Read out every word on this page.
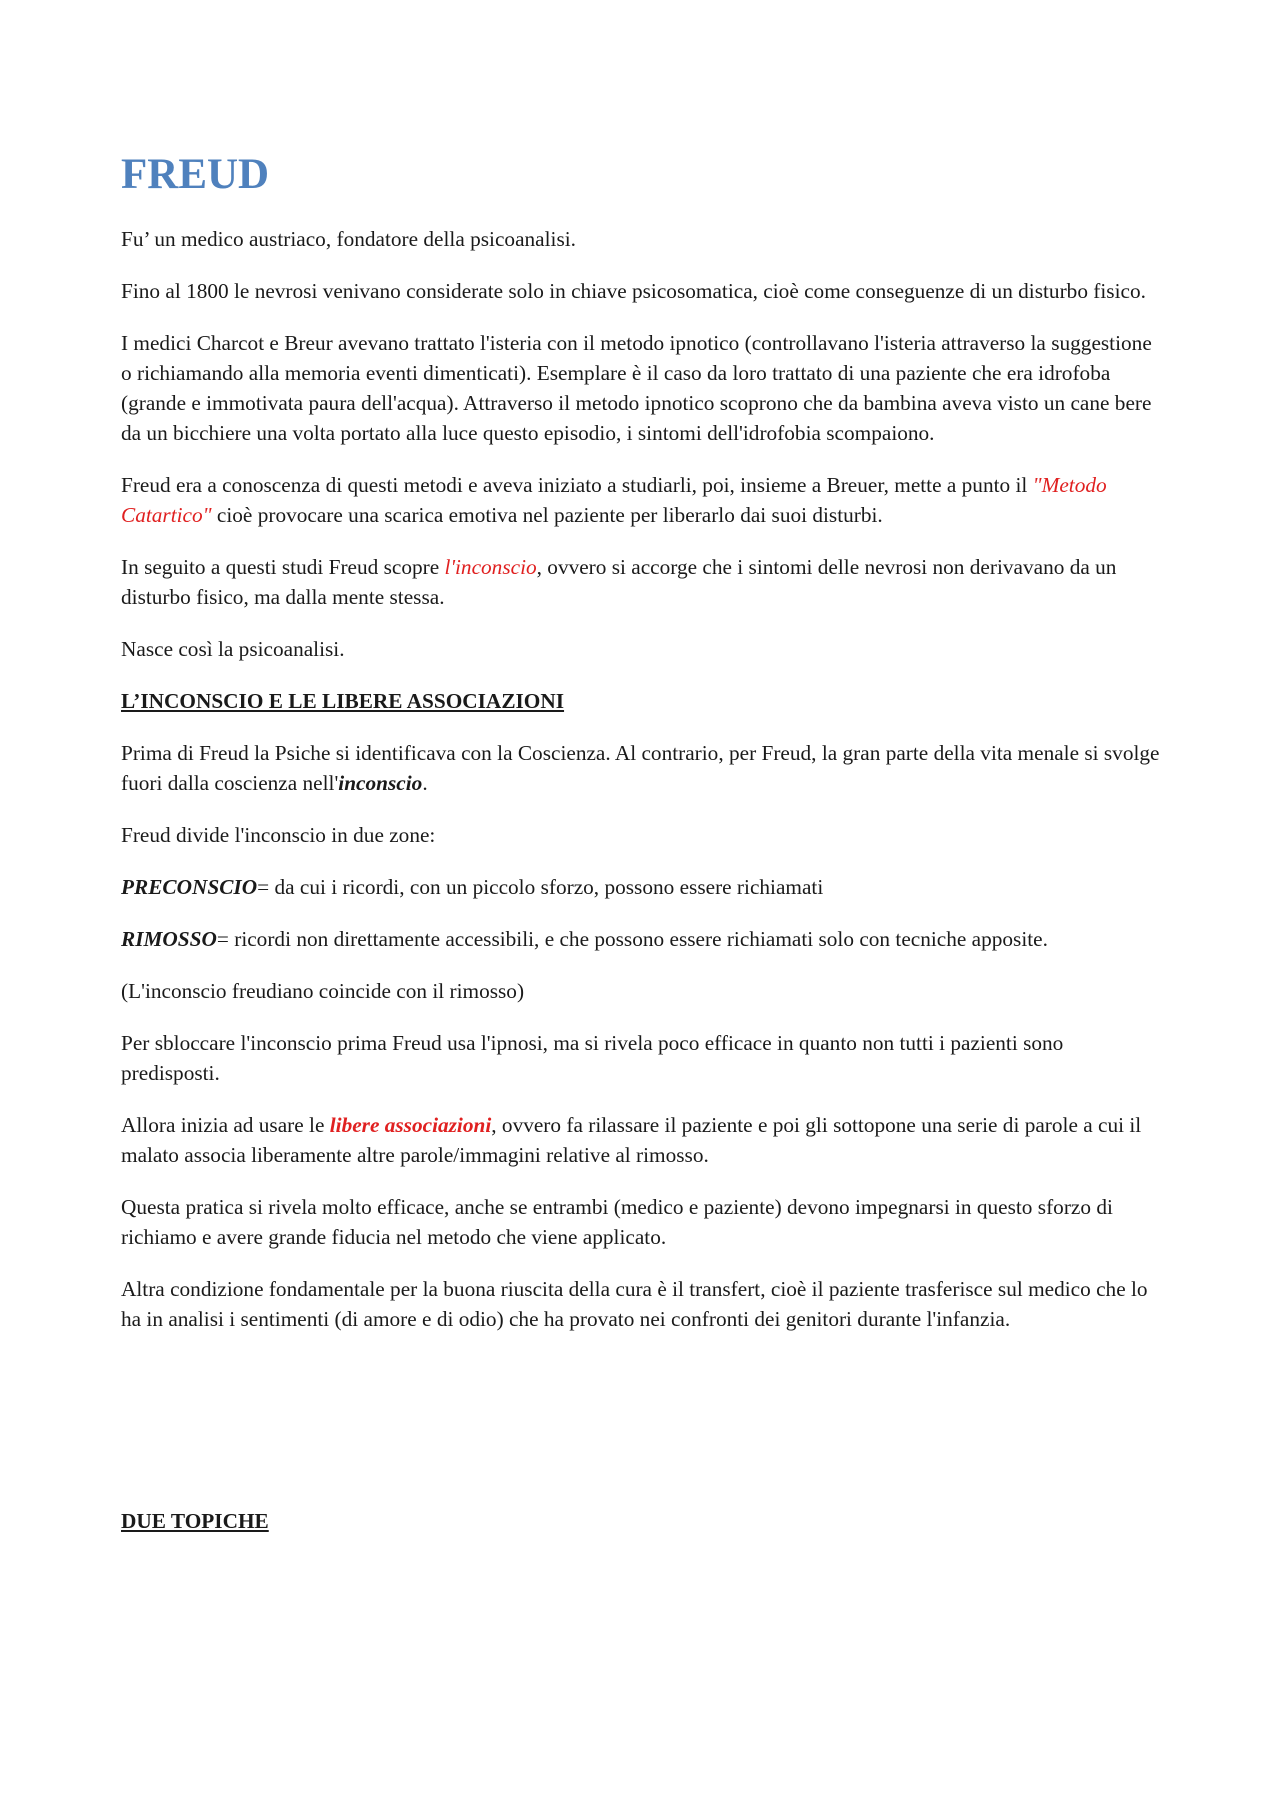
FREUD

Fu’ un medico austriaco, fondatore della psicoanalisi.

Fino al 1800 le nevrosi venivano considerate solo in chiave psicosomatica, cioè come conseguenze di un disturbo fisico.

I medici Charcot e Breur avevano trattato l'isteria con il metodo ipnotico (controllavano l'isteria attraverso la suggestione o richiamando alla memoria eventi dimenticati). Esemplare è il caso da loro trattato di una paziente che era idrofoba (grande e immotivata paura dell'acqua). Attraverso il metodo ipnotico scoprono che da bambina aveva visto un cane bere da un bicchiere una volta portato alla luce questo episodio, i sintomi dell'idrofobia scompaiono.

Freud era a conoscenza di questi metodi e aveva iniziato a studiarli, poi, insieme a Breuer, mette a punto il "Metodo Catartico" cioè provocare una scarica emotiva nel paziente per liberarlo dai suoi disturbi.

In seguito a questi studi Freud scopre l'inconscio, ovvero si accorge che i sintomi delle nevrosi non derivavano da un disturbo fisico, ma dalla mente stessa.

Nasce così la psicoanalisi.

L’INCONSCIO E LE LIBERE ASSOCIAZIONI

Prima di Freud la Psiche si identificava con la Coscienza. Al contrario, per Freud, la gran parte della vita menale si svolge fuori dalla coscienza nell'inconscio.

Freud divide l'inconscio in due zone:

PRECONSCIO= da cui i ricordi, con un piccolo sforzo, possono essere richiamati

RIMOSSO= ricordi non direttamente accessibili, e che possono essere richiamati solo con tecniche apposite.

(L'inconscio freudiano coincide con il rimosso)

Per sbloccare l'inconscio prima Freud usa l'ipnosi, ma si rivela poco efficace in quanto non tutti i pazienti sono predisposti.

Allora inizia ad usare le libere associazioni, ovvero fa rilassare il paziente e poi gli sottopone una serie di parole a cui il malato associa liberamente altre parole/immagini relative al rimosso.

Questa pratica si rivela molto efficace, anche se entrambi (medico e paziente) devono impegnarsi in questo sforzo di richiamo e avere grande fiducia nel metodo che viene applicato.

Altra condizione fondamentale per la buona riuscita della cura è il transfert, cioè il paziente trasferisce sul medico che lo ha in analisi i sentimenti (di amore e di odio) che ha provato nei confronti dei genitori durante l'infanzia.

DUE TOPICHE
